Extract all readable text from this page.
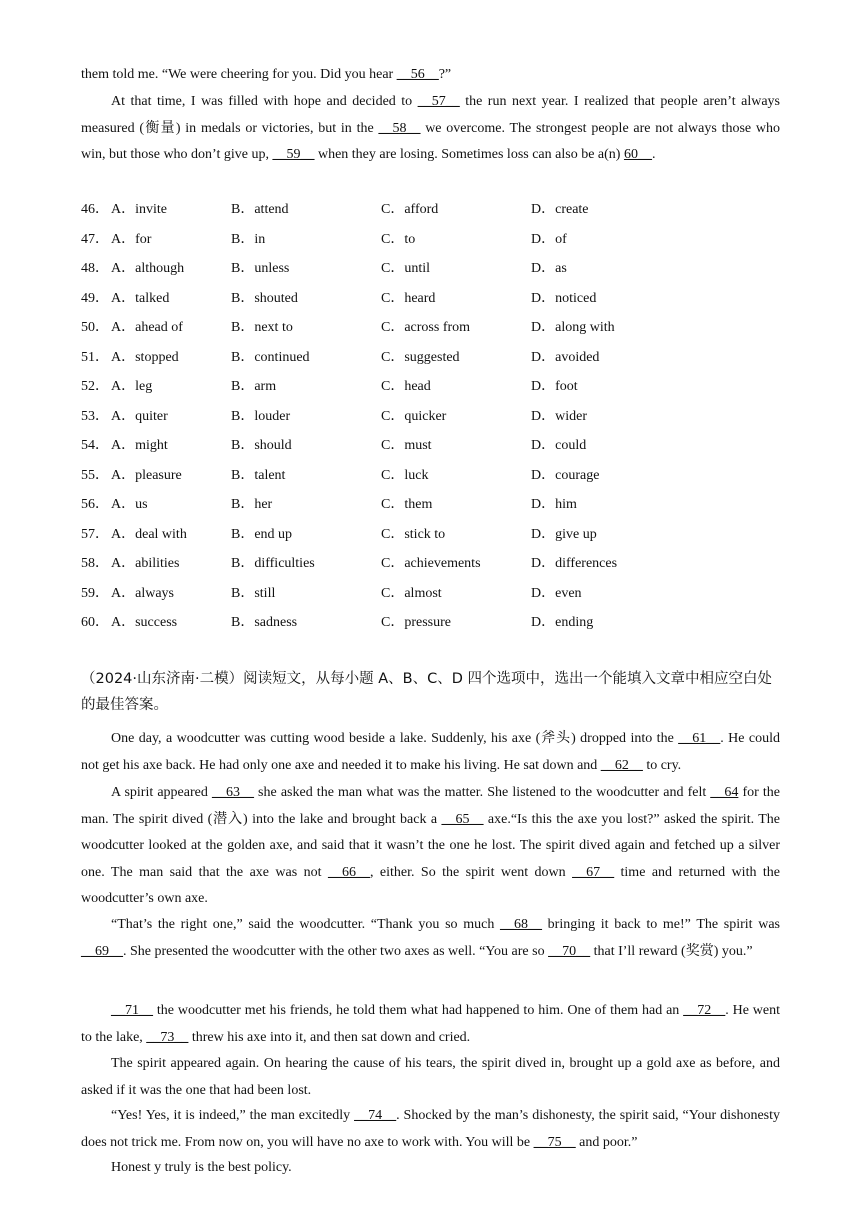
them told me. “We were cheering for you. Did you hear __56__?”

At that time, I was filled with hope and decided to __57__ the run next year. I realized that people aren’t always measured (衡量) in medals or victories, but in the __58__ we overcome. The strongest people are not always those who win, but those who don’t give up, __59__ when they are losing. Sometimes loss can also be a(n) 60__.

46． A．invite	B．attend	C．afford	D．create
47． A．for	B．in	C．to	D．of
48． A．although	B．unless	C．until	D．as
49． A．talked	B．shouted	C．heard	D．noticed
50． A．ahead of	B．next to	C．across from	D．along with
51． A．stopped	B．continued	C．suggested	D．avoided
52． A．leg	B．arm	C．head	D．foot
53． A．quiter	B．louder	C．quicker	D．wider
54． A．might	B．should	C．must	D．could
55． A．pleasure	B．talent	C．luck	D．courage
56． A．us	B．her	C．them	D．him
57． A．deal with	B．end up	C．stick to	D．give up
58． A．abilities	B．difficulties	C．achievements	D．differences
59． A．always	B．still	C．almost	D．even
60． A．success	B．sadness	C．pressure	D．ending

（2024·山东济南·二模）阅读短文，从每小题 A、B、C、D 四个选项中，选出一个能填入文章中相应空白处的最佳答案。

One day, a woodcutter was cutting wood beside a lake. Suddenly, his axe (斧头) dropped into the __61__. He could not get his axe back. He had only one axe and needed it to make his living. He sat down and __62__ to cry.

A spirit appeared __63__ she asked the man what was the matter. She listened to the woodcutter and felt __64 for the man. The spirit dived (潜入) into the lake and brought back a __65__ axe.“Is this the axe you lost?” asked the spirit. The woodcutter looked at the golden axe, and said that it wasn’t the one he lost. The spirit dived again and fetched up a silver one. The man said that the axe was not __66__, either. So the spirit went down __67__ time and returned with the woodcutter’s own axe.

“That’s the right one,” said the woodcutter. “Thank you so much __68__ bringing it back to me!” The spirit was __69__. She presented the woodcutter with the other two axes as well. “You are so __70__ that I’ll reward (奖赏) you.”

__71__ the woodcutter met his friends, he told them what had happened to him. One of them had an __72__. He went to the lake, __73__ threw his axe into it, and then sat down and cried.

The spirit appeared again. On hearing the cause of his tears, the spirit dived in, brought up a gold axe as before, and asked if it was the one that had been lost.

“Yes! Yes, it is indeed,” the man excitedly __74__. Shocked by the man’s dishonesty, the spirit said, “Your dishonesty does not trick me. From now on, you will have no axe to work with. You will be __75__ and poor.”

Honest y truly is the best policy.
